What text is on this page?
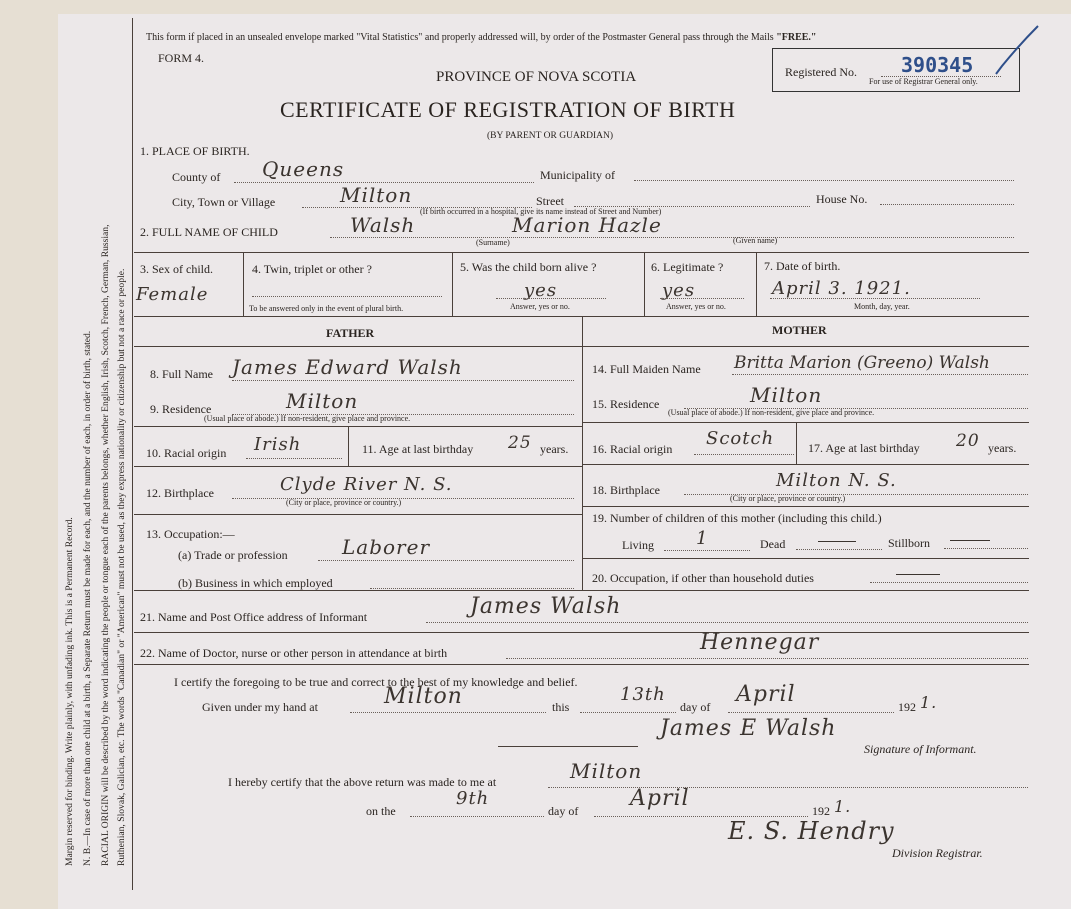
Margin reserved for binding. Write plainly, with unfading ink. This is a Permanent Record. N. B.—In case of more than one child at a birth, a Separate Return must be made for each, and the number of each, in order of birth, stated. RACIAL ORIGIN will be described by the word indicating the people or tongue each of the parents belongs, whether English, Irish, Scotch, French, German, Russian, Ruthenian, Slovak, Galician, etc. The words "Canadian" or "American" must not be used, as they express nationality or citizenship but not a race or people.
This form if placed in an unsealed envelope marked "Vital Statistics" and properly addressed will, by order of the Postmaster General pass through the Mails "FREE."
FORM 4.
PROVINCE OF NOVA SCOTIA
CERTIFICATE OF REGISTRATION OF BIRTH
(BY PARENT OR GUARDIAN)
Registered No. 390345
For use of Registrar General only.
1. PLACE OF BIRTH.
County of Queens	Municipality of
City, Town or Village	Milton	Street	House No.
(If birth occurred in a hospital, give its name instead of Street and Number)
2. FULL NAME OF CHILD	Walsh	Marion Hazle
(Surname)	(Given name)
3. Sex of child.
Female
4. Twin, triplet or other ?
To be answered only in the event of plural birth.
5. Was the child born alive ?
yes
Answer, yes or no.
6. Legitimate ?
yes
Answer, yes or no.
7. Date of birth.
April 3. 1921.
Month, day, year.
FATHER	MOTHER
8. Full Name James Edward Walsh	14. Full Maiden Name Britta Marion (Greeno) Walsh
9. Residence	Milton
(Usual place of abode.) If non-resident, give place and province.
15. Residence	Milton
(Usual place of abode.) If non-resident, give place and province.
10. Racial origin Irish	11. Age at last birthday 25 years. 16. Racial origin Scotch	17. Age at last birthday 20 years.
12. Birthplace	Clyde River N. S.
(City or place, province or country.)
18. Birthplace	Milton N. S.
(City or place, province or country.)
13. Occupation:—
(a) Trade or profession	Laborer
(b) Business in which employed
19. Number of children of this mother (including this child.)
Living 1	Dead	Stillborn
20. Occupation, if other than household duties
21. Name and Post Office address of Informant	James Walsh
22. Name of Doctor, nurse or other person in attendance at birth	Hennegar
I certify the foregoing to be true and correct to the best of my knowledge and belief.
Given under my hand at	Milton	this
13th
day of April	192 1.
James E Walsh
Signature of Informant.
I hereby certify that the above return was made to me at	Milton
on the
9th
day of April	192 1.
E. S. Hendry
Division Registrar.
